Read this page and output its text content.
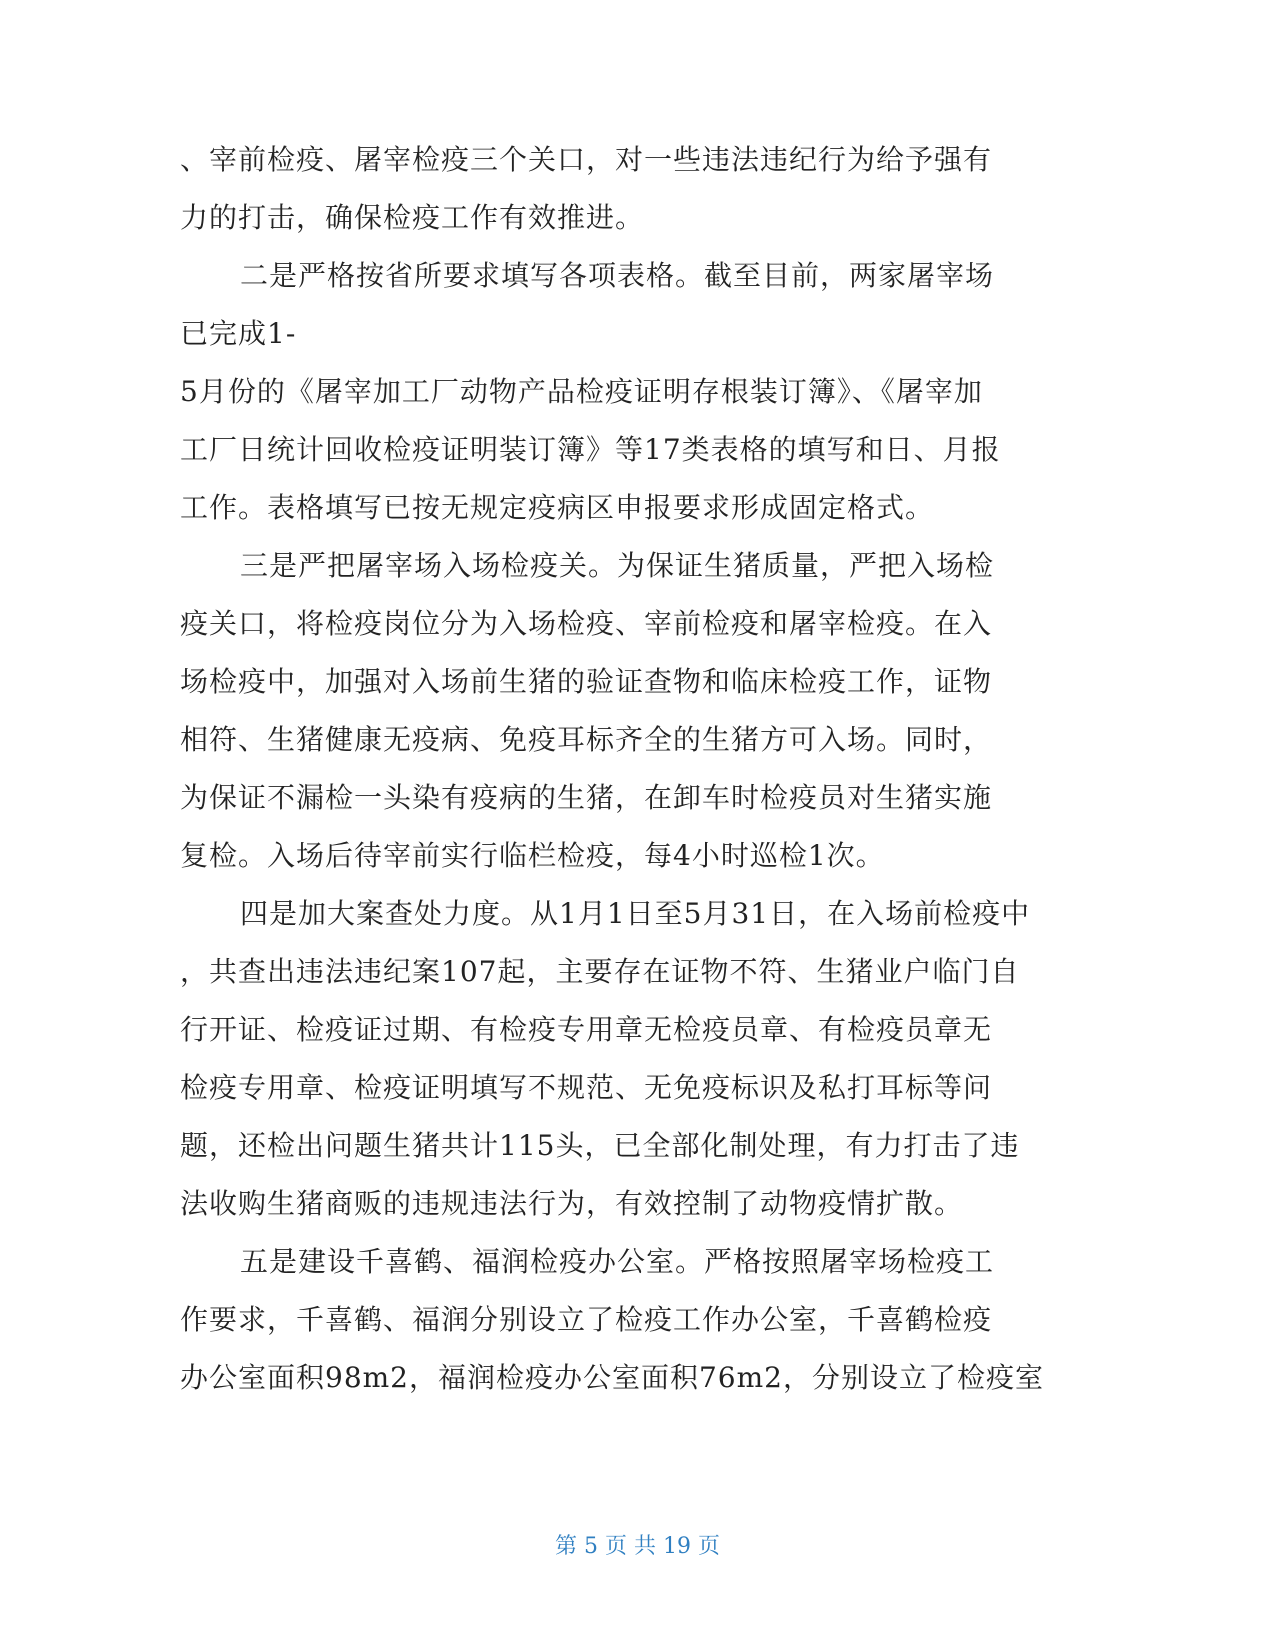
、宰前检疫、屠宰检疫三个关口，对一些违法违纪行为给予强有
力的打击，确保检疫工作有效推进。
二是严格按省所要求填写各项表格。截至目前，两家屠宰场
已完成1-
5月份的《屠宰加工厂动物产品检疫证明存根装订簿》、《屠宰加
工厂日统计回收检疫证明装订簿》等17类表格的填写和日、月报
工作。表格填写已按无规定疫病区申报要求形成固定格式。
三是严把屠宰场入场检疫关。为保证生猪质量，严把入场检
疫关口，将检疫岗位分为入场检疫、宰前检疫和屠宰检疫。在入
场检疫中，加强对入场前生猪的验证查物和临床检疫工作，证物
相符、生猪健康无疫病、免疫耳标齐全的生猪方可入场。同时，
为保证不漏检一头染有疫病的生猪，在卸车时检疫员对生猪实施
复检。入场后待宰前实行临栏检疫，每4小时巡检1次。
四是加大案查处力度。从1月1日至5月31日，在入场前检疫中
，共查出违法违纪案107起，主要存在证物不符、生猪业户临门自
行开证、检疫证过期、有检疫专用章无检疫员章、有检疫员章无
检疫专用章、检疫证明填写不规范、无免疫标识及私打耳标等问
题，还检出问题生猪共计115头，已全部化制处理，有力打击了违
法收购生猪商贩的违规违法行为，有效控制了动物疫情扩散。
五是建设千喜鹤、福润检疫办公室。严格按照屠宰场检疫工
作要求，千喜鹤、福润分别设立了检疫工作办公室，千喜鹤检疫
办公室面积98m2，福润检疫办公室面积76m2，分别设立了检疫室
第 5 页 共 19 页
